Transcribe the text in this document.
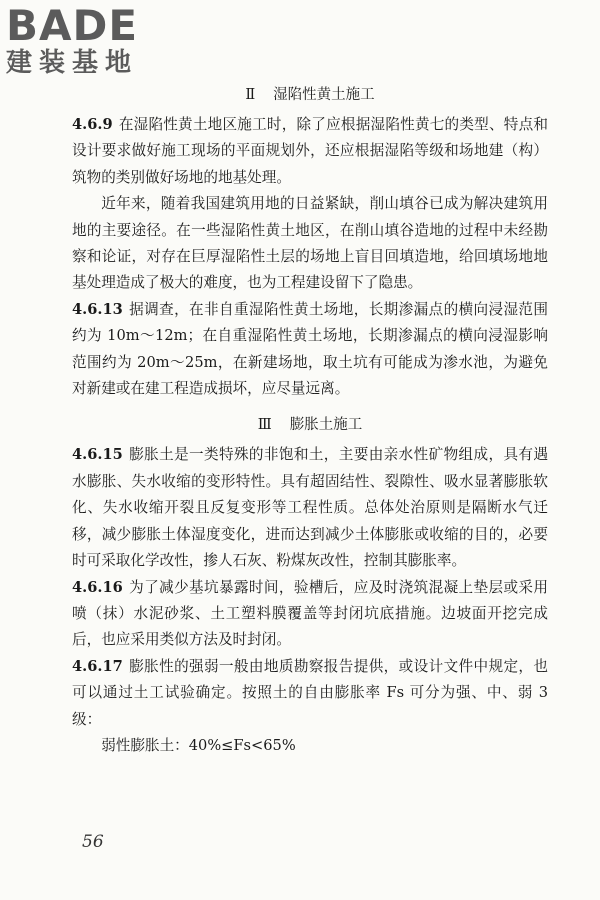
BADE
建装基地
Ⅱ 湿陷性黄土施工

4.6.9 在湿陷性黄土地区施工时，除了应根据湿陷性黄七的类型、特点和设计要求做好施工现场的平面规划外，还应根据湿陷等级和场地建（构）筑物的类别做好场地的地基处理。

近年来，随着我国建筑用地的日益紧缺，削山填谷已成为解决建筑用地的主要途径。在一些湿陷性黄土地区，在削山填谷造地的过程中未经勘察和论证，对存在巨厚湿陷性土层的场地上盲目回填造地，给回填场地地基处理造成了极大的难度，也为工程建设留下了隐患。

4.6.13 据调查，在非自重湿陷性黄土场地，长期渗漏点的横向浸湿范围约为 10m～12m；在自重湿陷性黄土场地，长期渗漏点的横向浸湿影响范围约为 20m～25m，在新建场地，取土坑有可能成为渗水池，为避免对新建或在建工程造成损坏，应尽量远离。

Ⅲ 膨胀土施工

4.6.15 膨胀土是一类特殊的非饱和土，主要由亲水性矿物组成，具有遇水膨胀、失水收缩的变形特性。具有超固结性、裂隙性、吸水显著膨胀软化、失水收缩开裂且反复变形等工程性质。总体处治原则是隔断水气迁移，减少膨胀土体湿度变化，进而达到减少土体膨胀或收缩的目的，必要时可采取化学改性，掺人石灰、粉煤灰改性，控制其膨胀率。

4.6.16 为了减少基坑暴露时间，验槽后，应及时浇筑混凝上垫层或采用喷（抹）水泥砂浆、土工塑料膜覆盖等封闭坑底措施。边坡面开挖完成后，也应采用类似方法及时封闭。

4.6.17 膨胀性的强弱一般由地质勘察报告提供，或设计文件中规定，也可以通过土工试验确定。按照土的自由膨胀率 Fs 可分为强、中、弱 3 级：

弱性膨胀土：40%≤Fs<65%

56
